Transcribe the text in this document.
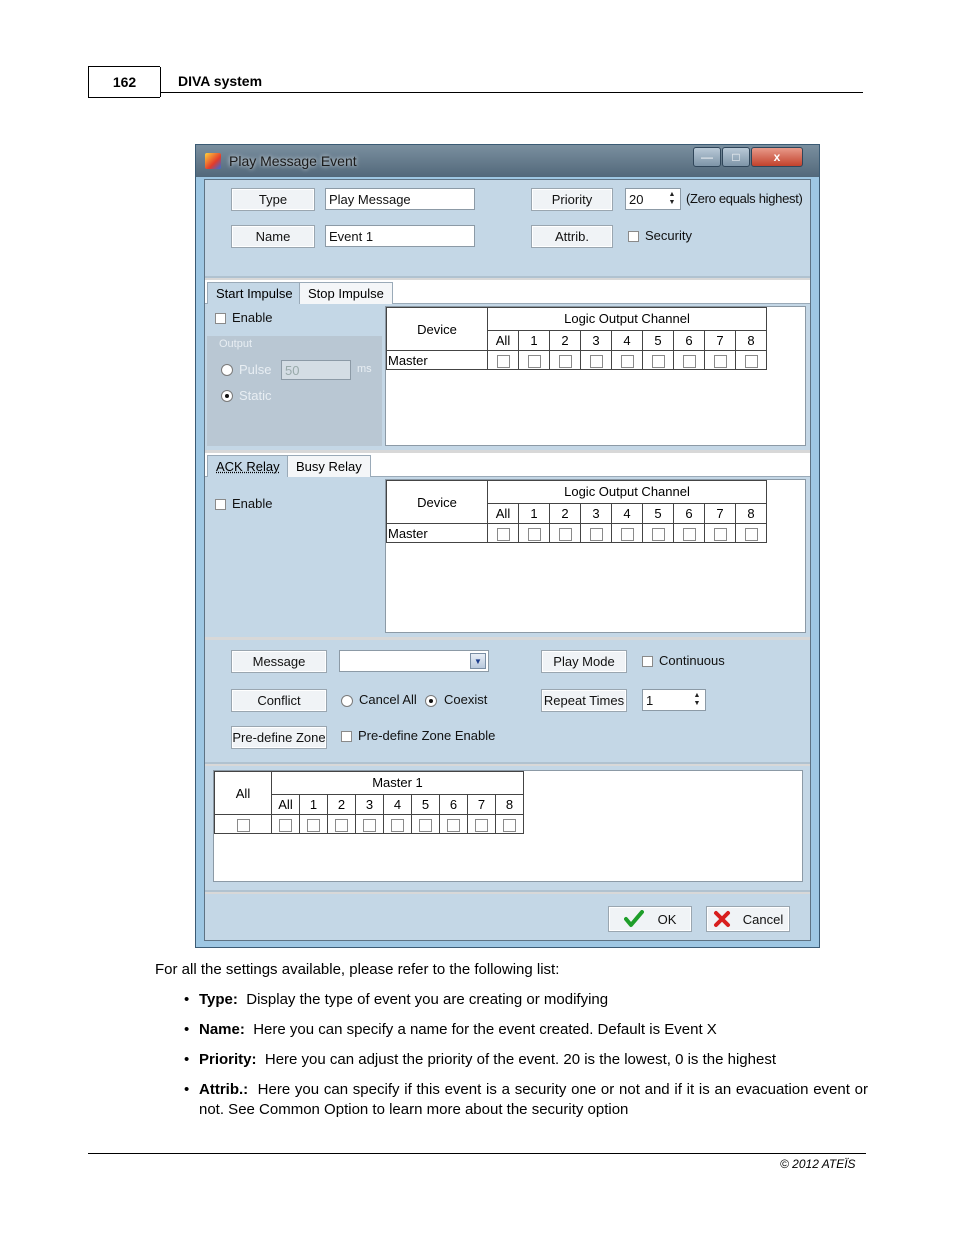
162	DIVA system
Play Message Event	—	□	x
Type	Play Message
Name	Event 1
Priority	20	▲
▼ (Zero equals highest)
Attrib.	Security
Start Impulse	Stop Impulse
Enable
Output
Pulse 50	ms
Static
Device	Logic Output Channel								
	All	1	2	3	4	5	6	7	8
Master									
ACK Relay	Busy Relay
Enable	Device	Logic Output Channel								
	All	1	2	3	4	5	6	7	8
Master									
Message	▼	Play Mode	Continuous
Conflict	Cancel All Coexist	Repeat Times 1	▲
▼
Pre-define Zone Pre-define Zone Enable
All	Master 1								
	All	1	2	3	4	5	6	7	8

OK	Cancel
For all the settings available, please refer to the following list:
• Type: Display the type of event you are creating or modifying
• Name: Here you can specify a name for the event created. Default is Event X
• Priority: Here you can adjust the priority of the event. 20 is the lowest, 0 is the highest
• Attrib.: Here you can specify if this event is a security one or not and if it is an evacuation event or not. See Common Option to learn more about the security option
© 2012 ATEÏS
